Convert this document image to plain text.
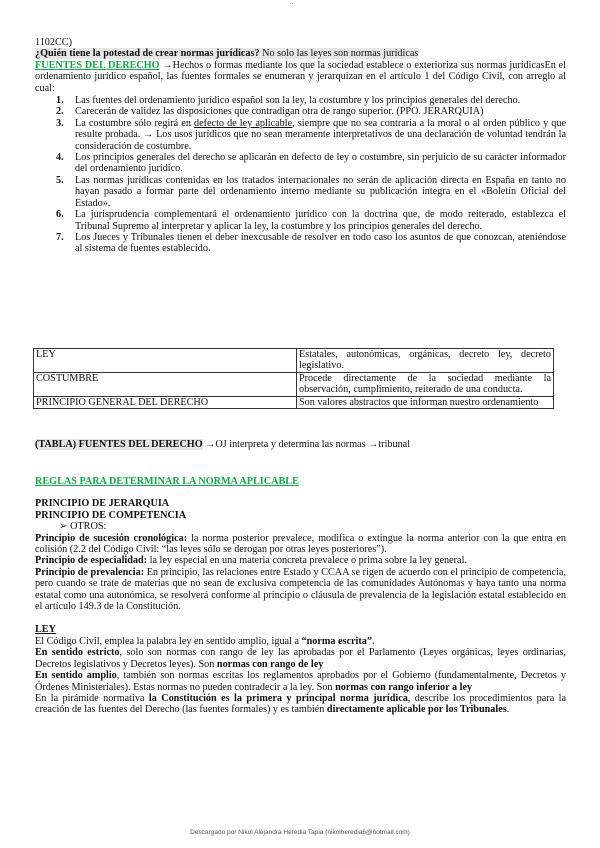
...

1102CC)

¿Quién tiene la potestad de crear normas jurídicas? No solo las leyes son normas jurídicas

FUENTES DEL DERECHO →Hechos o formas mediante los que la sociedad establece o exterioriza sus normas jurídicasEn el ordenamiento jurídico español, las fuentes formales se enumeran y jerarquizan en el artículo 1 del Código Civil, con arreglo al cual:

1. Las fuentes del ordenamiento jurídico español son la ley, la costumbre y los principios generales del derecho.
2. Carecerán de validez las disposiciones que contradigan otra de rango superior. (PPO. JERARQUIA)
3. La costumbre sólo regirá en defecto de ley aplicable, siempre que no sea contraria a la moral o al orden público y que resulte probada. → Los usos jurídicos que no sean meramente interpretativos de una declaración de voluntad tendrán la consideración de costumbre.
4. Los principios generales del derecho se aplicarán en defecto de ley o costumbre, sin perjuicio de su carácter informador del ordenamiento jurídico.
5. Las normas jurídicas contenidas en los tratados internacionales no serán de aplicación directa en España en tanto no hayan pasado a formar parte del ordenamiento interno mediante su publicación íntegra en el «Boletín Oficial del Estado».
6. La jurisprudencia complementará el ordenamiento jurídico con la doctrina que, de modo reiterado, establezca el Tribunal Supremo al interpretar y aplicar la ley, la costumbre y los principios generales del derecho.
7. Los Jueces y Tribunales tienen el deber inexcusable de resolver en todo caso los asuntos de que conozcan, ateniéndose al sistema de fuentes establecido.
LEY	Estatales, autonómicas, orgánicas, decreto ley, decreto legislativo.
COSTUMBRE	Procede directamente de la sociedad mediante la observación, cumplimiento, reiterado de una conducta.
PRINCIPIO GENERAL DEL DERECHO	Son valores abstractos que informan nuestro ordenamiento
(TABLA) FUENTES DEL DERECHO →OJ interpreta y determina las normas →tribunal

REGLAS PARA DETERMINAR LA NORMA APLICABLE

PRINCIPIO DE JERARQUIA

PRINCIPIO DE COMPETENCIA

➢ OTROS:

Principio de sucesión cronológica: la norma posterior prevalece, modifica o extingue la norma anterior con la que entra en colisión (2.2 del Código Civil: “las leyes sólo se derogan por otras leyes posteriores”).

Principio de especialidad: la ley especial en una materia concreta prevalece o prima sobre la ley general.

Principio de prevalencia: En principio, las relaciones entre Estado y CCAA se rigen de acuerdo con el principio de competencia, pero cuando se trate de materias que no sean de exclusiva competencia de las comunidades Autónomas y haya tanto una norma estatal como una autonómica, se resolverá conforme al principio o cláusula de prevalencia de la legislación estatal establecido en el artículo 149.3 de la Constitución.

LEY

El Código Civil, emplea la palabra ley en sentido amplio, igual a “norma escrita”.

En sentido estricto, solo son normas con rango de ley las aprobadas por el Parlamento (Leyes orgánicas, leyes ordinarias, Decretos legislativos y Decretos leyes). Son normas con rango de ley

En sentido amplio, también son normas escritas los reglamentos aprobados por el Gobierno (fundamentalmente, Decretos y Órdenes Ministeriales). Estas normas no pueden contradecir a la ley. Son normas con rango inferior a ley

En la pirámide normativa la Constitución es la primera y principal norma jurídica, describe los procedimientos para la creación de las fuentes del Derecho (las fuentes formales) y es también directamente aplicable por los Tribunales.

Descargado por Nikol Alejandra Heredia Tapia (nikolheredia6@hotmail.com)
